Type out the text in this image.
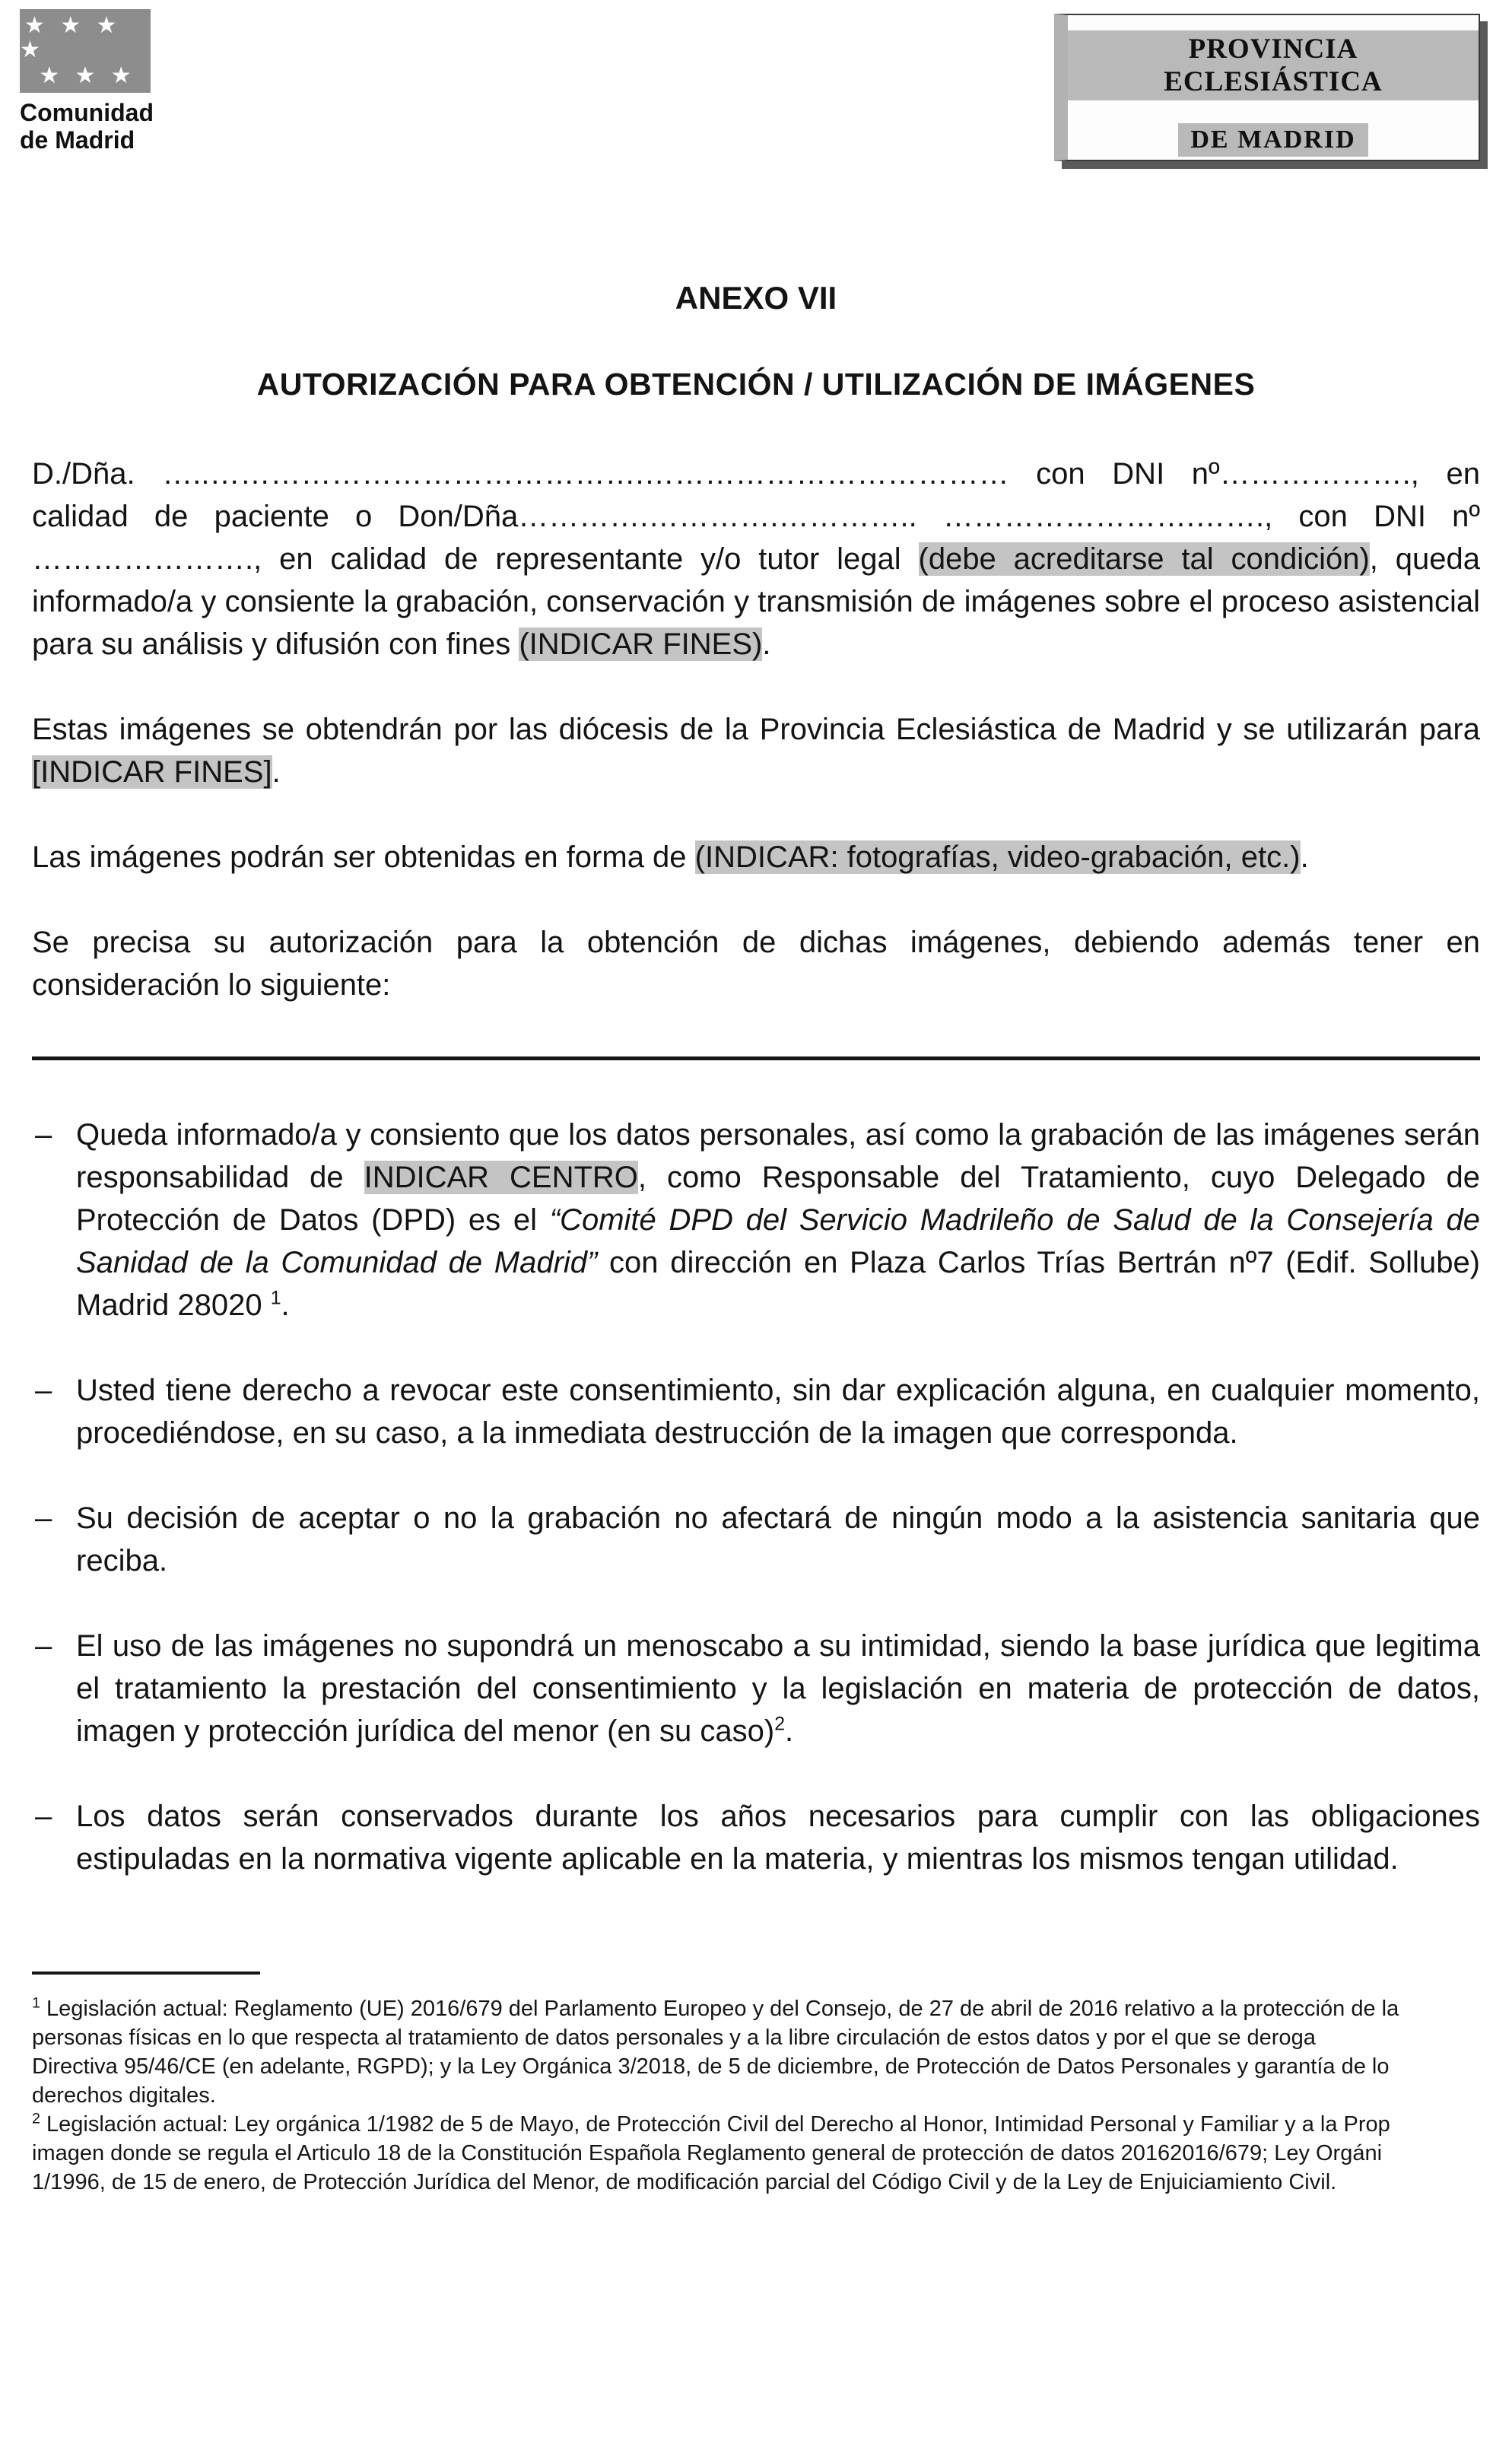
★ ★ ★ ★
★ ★ ★
Comunidad
de Madrid
PROVINCIA ECLESIÁSTICA
DE MADRID
ANEXO VII
AUTORIZACIÓN PARA OBTENCIÓN / UTILIZACIÓN DE IMÁGENES

D./Dña. …..…………………………………….……………………………… con DNI nº………………., en calidad de paciente o Don/Dña………….………….………….. …………………….……., con DNI nº …………………., en calidad de representante y/o tutor legal (debe acreditarse tal condición), queda informado/a y consiente la grabación, conservación y transmisión de imágenes sobre el proceso asistencial para su análisis y difusión con fines (INDICAR FINES).

Estas imágenes se obtendrán por las diócesis de la Provincia Eclesiástica de Madrid y se utilizarán para [INDICAR FINES].

Las imágenes podrán ser obtenidas en forma de (INDICAR: fotografías, video-grabación, etc.).

Se precisa su autorización para la obtención de dichas imágenes, debiendo además tener en consideración lo siguiente:

– Queda informado/a y consiento que los datos personales, así como la grabación de las imágenes serán responsabilidad de INDICAR CENTRO, como Responsable del Tratamiento, cuyo Delegado de Protección de Datos (DPD) es el “Comité DPD del Servicio Madrileño de Salud de la Consejería de Sanidad de la Comunidad de Madrid” con dirección en Plaza Carlos Trías Bertrán nº7 (Edif. Sollube) Madrid 28020 $^1$.
– Usted tiene derecho a revocar este consentimiento, sin dar explicación alguna, en cualquier momento, procediéndose, en su caso, a la inmediata destrucción de la imagen que corresponda.
– Su decisión de aceptar o no la grabación no afectará de ningún modo a la asistencia sanitaria que reciba.
– El uso de las imágenes no supondrá un menoscabo a su intimidad, siendo la base jurídica que legitima el tratamiento la prestación del consentimiento y la legislación en materia de protección de datos, imagen y protección jurídica del menor (en su caso)$^2$.
– Los datos serán conservados durante los años necesarios para cumplir con las obligaciones estipuladas en la normativa vigente aplicable en la materia, y mientras los mismos tengan utilidad.
$^1$ Legislación actual: Reglamento (UE) 2016/679 del Parlamento Europeo y del Consejo, de 27 de abril de 2016 relativo a la protección de la
personas físicas en lo que respecta al tratamiento de datos personales y a la libre circulación de estos datos y por el que se deroga
Directiva 95/46/CE (en adelante, RGPD); y la Ley Orgánica 3/2018, de 5 de diciembre, de Protección de Datos Personales y garantía de lo
derechos digitales.
$^2$ Legislación actual: Ley orgánica 1/1982 de 5 de Mayo, de Protección Civil del Derecho al Honor, Intimidad Personal y Familiar y a la Prop
imagen donde se regula el Articulo 18 de la Constitución Española Reglamento general de protección de datos 20162016/679; Ley Orgáni
1/1996, de 15 de enero, de Protección Jurídica del Menor, de modificación parcial del Código Civil y de la Ley de Enjuiciamiento Civil.
